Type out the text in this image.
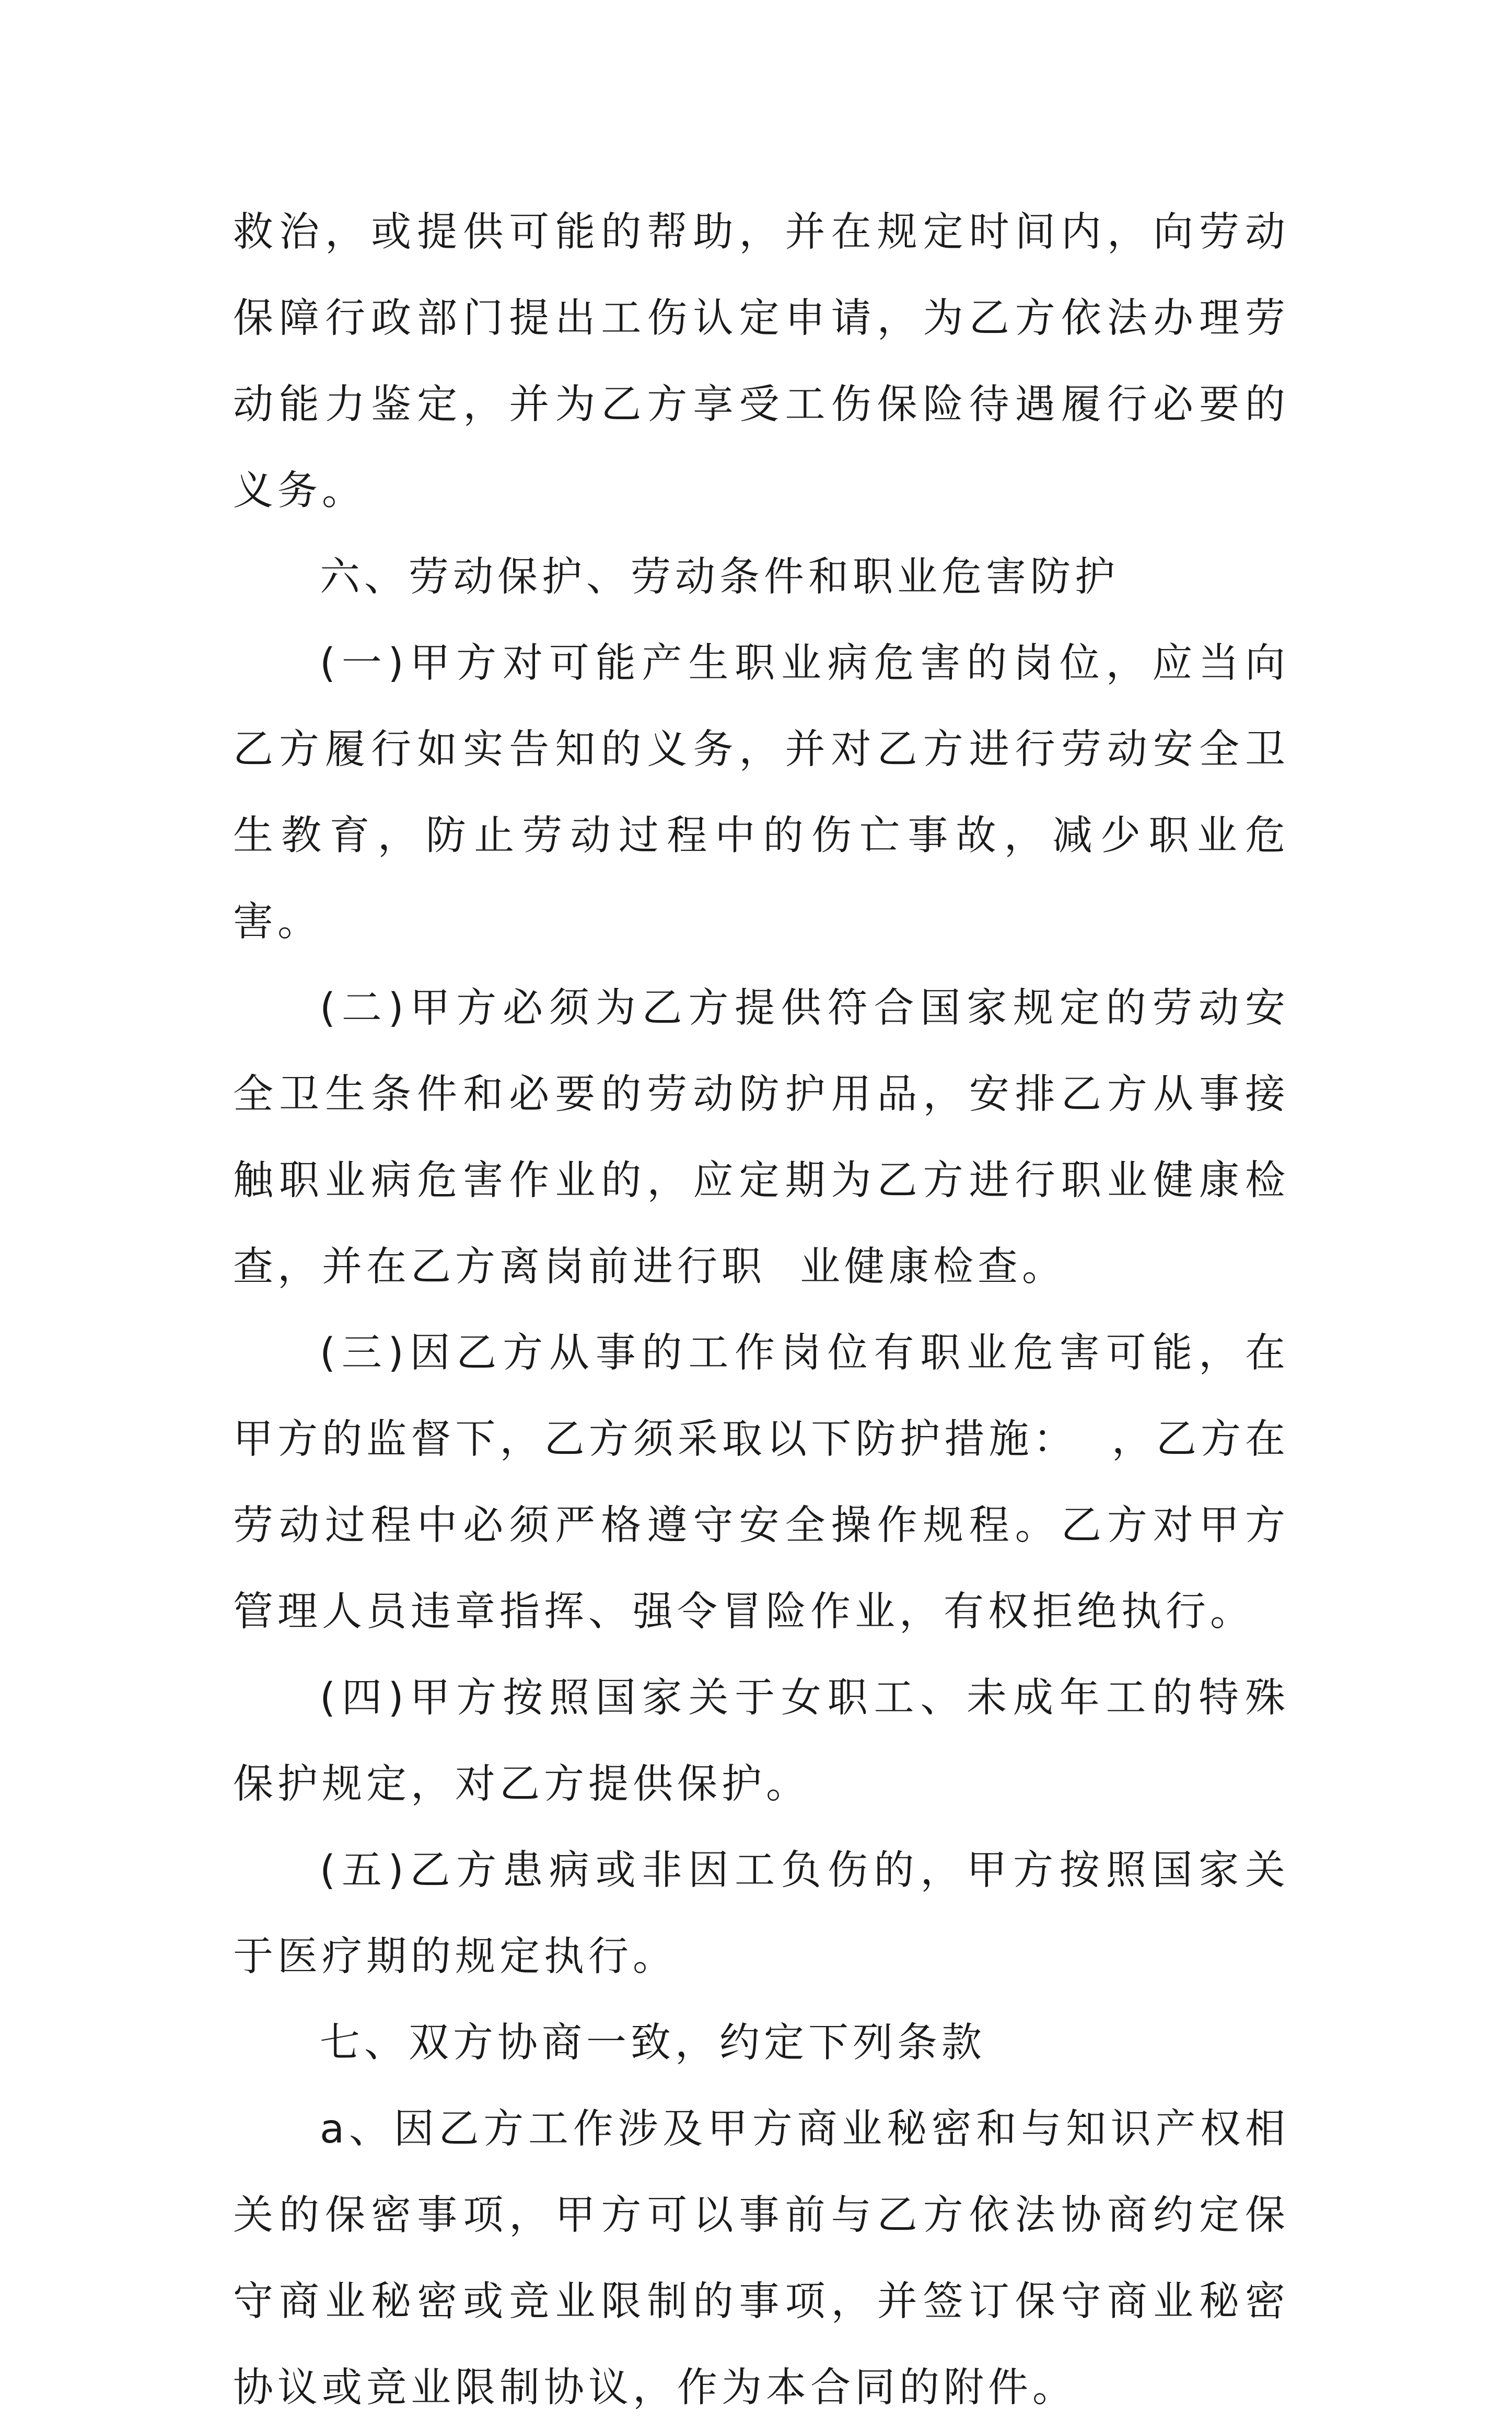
救治，或提供可能的帮助，并在规定时间内，向劳动保障行政部门提出工伤认定申请，为乙方依法办理劳动能力鉴定，并为乙方享受工伤保险待遇履行必要的义务。

六、劳动保护、劳动条件和职业危害防护

(一)甲方对可能产生职业病危害的岗位，应当向乙方履行如实告知的义务，并对乙方进行劳动安全卫生教育，防止劳动过程中的伤亡事故，减少职业危害。

(二)甲方必须为乙方提供符合国家规定的劳动安全卫生条件和必要的劳动防护用品，安排乙方从事接触职业病危害作业的，应定期为乙方进行职业健康检查，并在乙方离岗前进行职  业健康检查。

(三)因乙方从事的工作岗位有职业危害可能，在甲方的监督下，乙方须采取以下防护措施：  ，乙方在劳动过程中必须严格遵守安全操作规程。乙方对甲方管理人员违章指挥、强令冒险作业，有权拒绝执行。

(四)甲方按照国家关于女职工、未成年工的特殊保护规定，对乙方提供保护。

(五)乙方患病或非因工负伤的，甲方按照国家关于医疗期的规定执行。

七、双方协商一致，约定下列条款

a、因乙方工作涉及甲方商业秘密和与知识产权相关的保密事项，甲方可以事前与乙方依法协商约定保守商业秘密或竞业限制的事项，并签订保守商业秘密 协议或竞业限制协议，作为本合同的附件。
